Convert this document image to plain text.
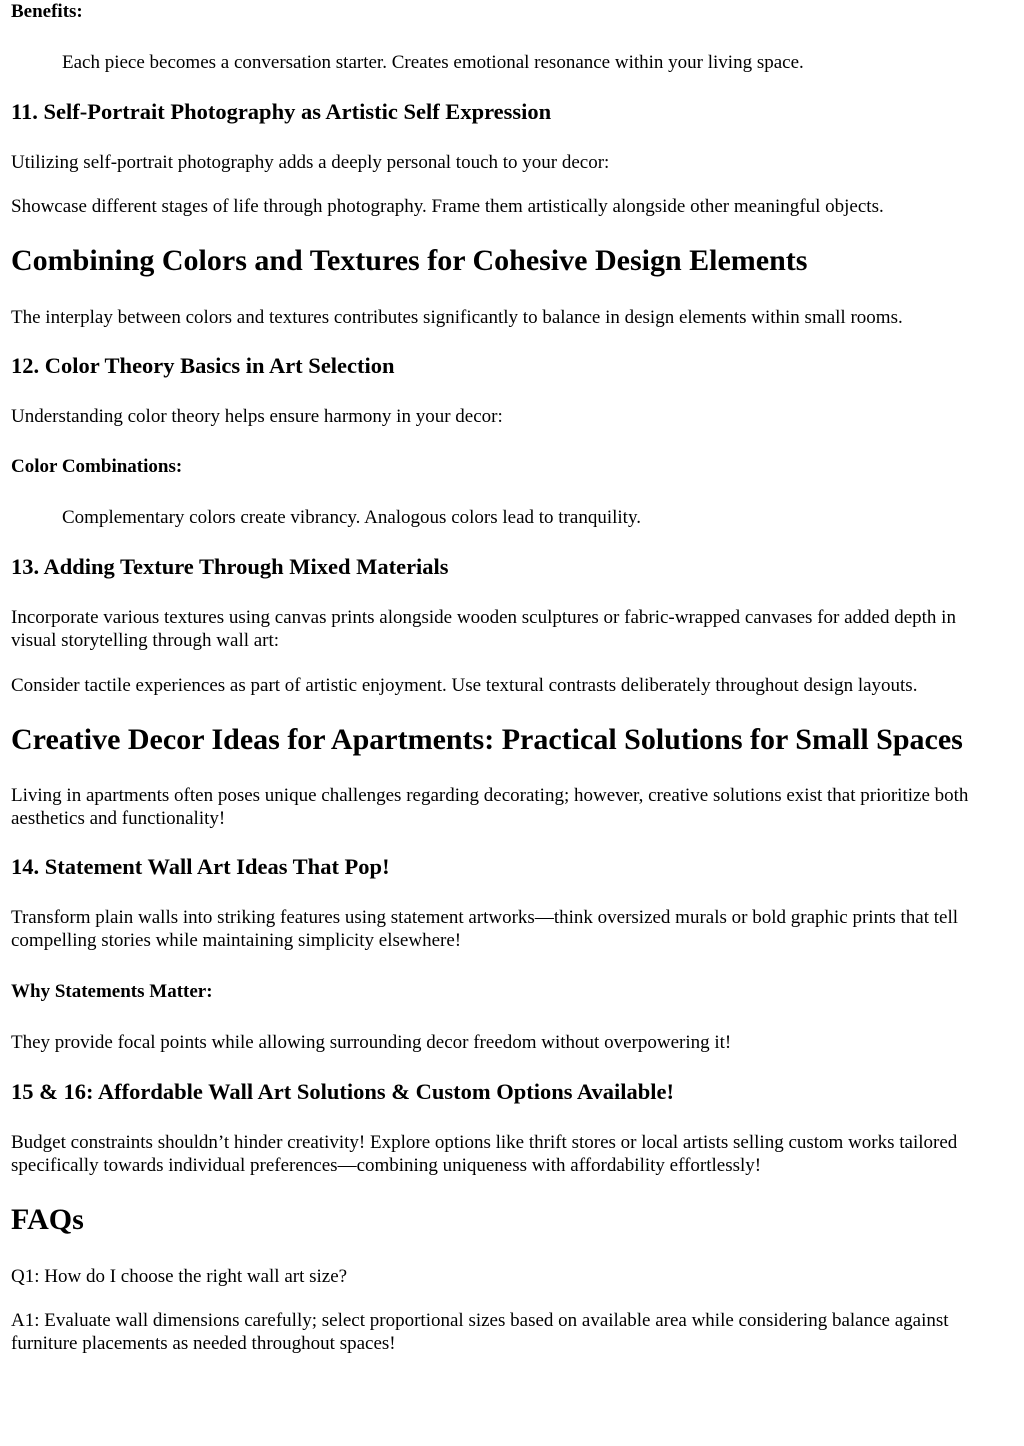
Benefits:
Each piece becomes a conversation starter. Creates emotional resonance within your living space.
11. Self-Portrait Photography as Artistic Self Expression

Utilizing self-portrait photography adds a deeply personal touch to your decor:

Showcase different stages of life through photography. Frame them artistically alongside other meaningful objects.

Combining Colors and Textures for Cohesive Design Elements

The interplay between colors and textures contributes significantly to balance in design elements within small rooms.

12. Color Theory Basics in Art Selection

Understanding color theory helps ensure harmony in your decor:

Color Combinations:
Complementary colors create vibrancy. Analogous colors lead to tranquility.
13. Adding Texture Through Mixed Materials

Incorporate various textures using canvas prints alongside wooden sculptures or fabric-wrapped canvases for added depth in visual storytelling through wall art:

Consider tactile experiences as part of artistic enjoyment. Use textural contrasts deliberately throughout design layouts.

Creative Decor Ideas for Apartments: Practical Solutions for Small Spaces

Living in apartments often poses unique challenges regarding decorating; however, creative solutions exist that prioritize both aesthetics and functionality!

14. Statement Wall Art Ideas That Pop!

Transform plain walls into striking features using statement artworks—think oversized murals or bold graphic prints that tell compelling stories while maintaining simplicity elsewhere!

Why Statements Matter:

They provide focal points while allowing surrounding decor freedom without overpowering it!

15 & 16: Affordable Wall Art Solutions & Custom Options Available!

Budget constraints shouldn’t hinder creativity! Explore options like thrift stores or local artists selling custom works tailored specifically towards individual preferences—combining uniqueness with affordability effortlessly!

FAQs

Q1: How do I choose the right wall art size?

A1: Evaluate wall dimensions carefully; select proportional sizes based on available area while considering balance against furniture placements as needed throughout spaces!
